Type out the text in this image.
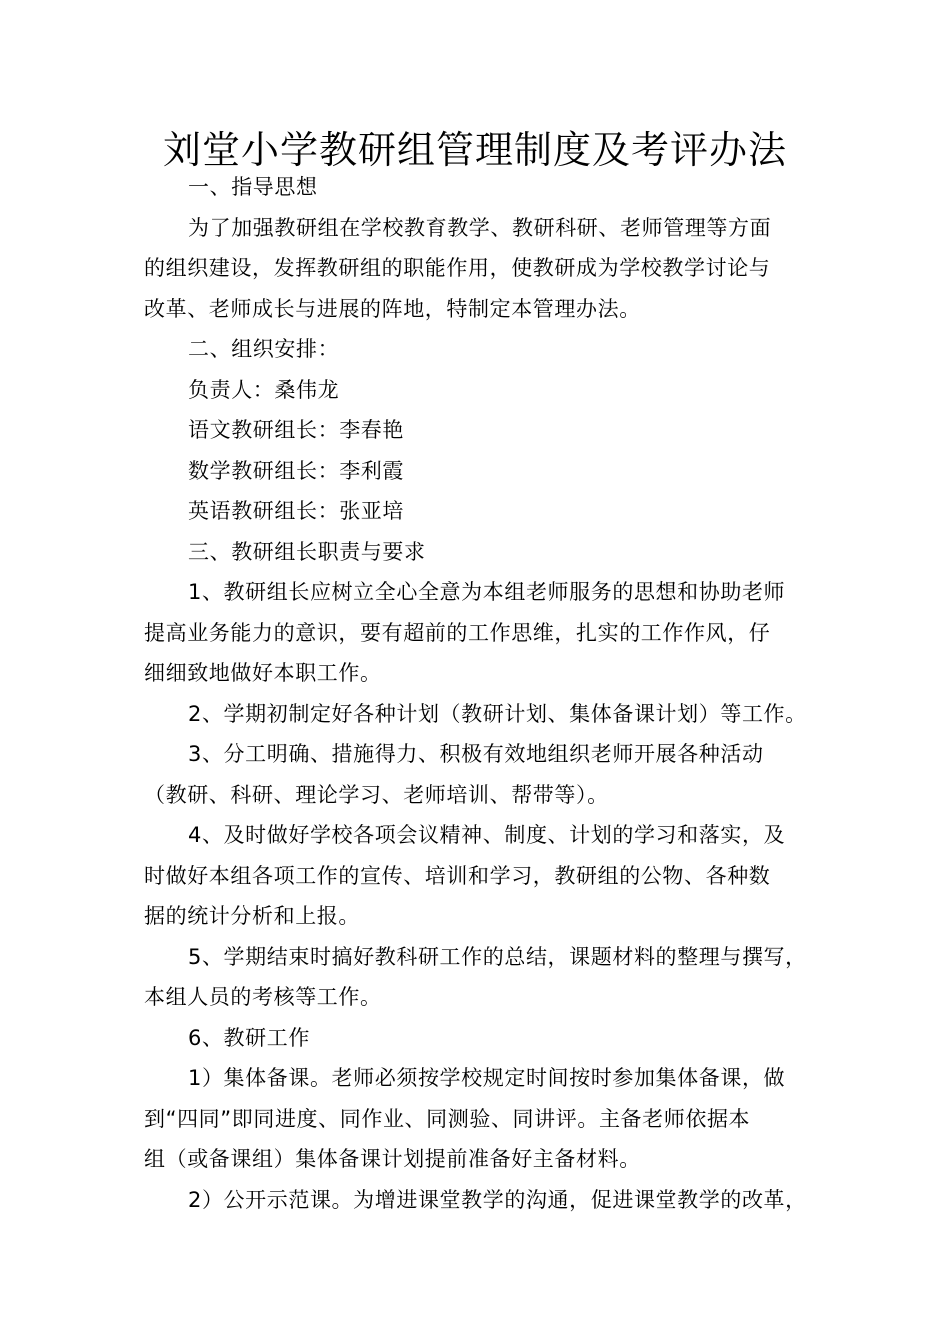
刘堂小学教研组管理制度及考评办法
一、指导思想
为了加强教研组在学校教育教学、教研科研、老师管理等方面
的组织建设，发挥教研组的职能作用，使教研成为学校教学讨论与
改革、老师成长与进展的阵地，特制定本管理办法。
二、组织安排：
负责人：桑伟龙
语文教研组长：李春艳
数学教研组长：李利霞
英语教研组长：张亚培
三、教研组长职责与要求
1、教研组长应树立全心全意为本组老师服务的思想和协助老师
提高业务能力的意识，要有超前的工作思维，扎实的工作作风，仔
细细致地做好本职工作。
2、学期初制定好各种计划（教研计划、集体备课计划）等工作。
3、分工明确、措施得力、积极有效地组织老师开展各种活动
（教研、科研、理论学习、老师培训、帮带等）。
4、及时做好学校各项会议精神、制度、计划的学习和落实，及
时做好本组各项工作的宣传、培训和学习，教研组的公物、各种数
据的统计分析和上报。
5、学期结束时搞好教科研工作的总结，课题材料的整理与撰写，
本组人员的考核等工作。
6、教研工作
1）集体备课。老师必须按学校规定时间按时参加集体备课，做
到“四同”即同进度、同作业、同测验、同讲评。主备老师依据本
组（或备课组）集体备课计划提前准备好主备材料。
2）公开示范课。为增进课堂教学的沟通，促进课堂教学的改革，
